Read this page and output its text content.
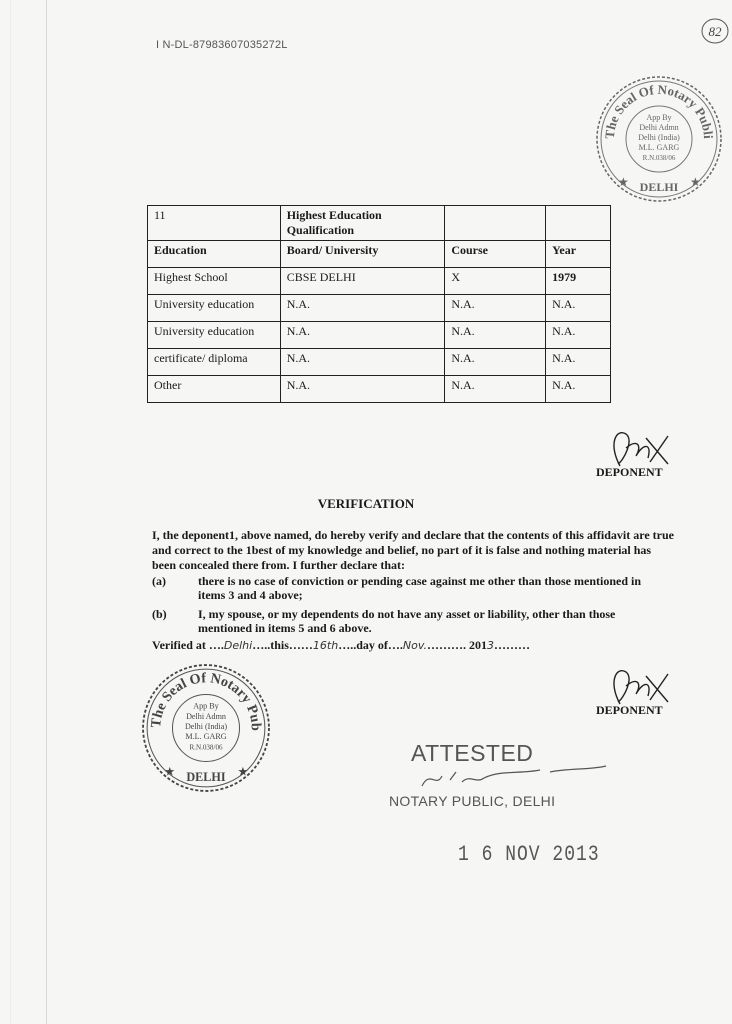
I N-DL-87983607035272L
82
The Seal Of Notary Publi
App By
Delhi Admn
Delhi (India)
M.L. GARG
R.N.038/06
DELHI
★	★
11	Highest Education Qualification		
Education	Board/ University	Course	Year
Highest School	CBSE DELHI	X	1979
University education	N.A.	N.A.	N.A.
University education	N.A.	N.A.	N.A.
certificate/ diploma	N.A.	N.A.	N.A.
Other	N.A.	N.A.	N.A.
DEPONENT
VERIFICATION
I, the deponent1, above named, do hereby verify and declare that the contents of this affidavit are true and correct to the 1best of my knowledge and belief, no part of it is false and nothing material has been concealed there from. I further declare that:
(a)	there is no case of conviction or pending case against me other than those mentioned in items 3 and 4 above;
(b)	I, my spouse, or my dependents do not have any asset or liability, other than those mentioned in items 5 and 6 above.
Verified at ….Delhi…..this……16th…..day of….Nov.………. 2013………
The Seal Of Notary Pub
App By
Delhi Admn
Delhi (India)
M.L. GARG
R.N.038/06
DELHI
★	★
DEPONENT
ATTESTED
NOTARY PUBLIC, DELHI
1 6 NOV 2013
